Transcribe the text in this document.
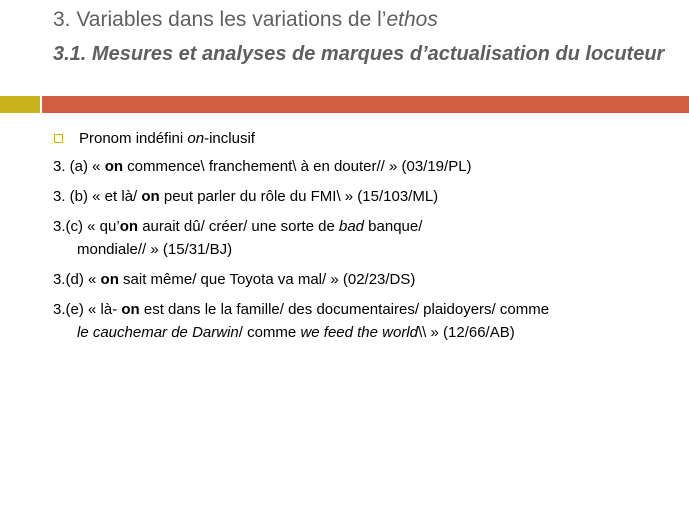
3. Variables dans les variations de l’ethos
3.1. Mesures et analyses de marques d’actualisation du locuteur
Pronom indéfini on-inclusif
3. (a) « on commence\ franchement\ à en douter// » (03/19/PL)
3. (b) « et là/ on peut parler du rôle du FMI\ » (15/103/ML)
3.(c) « qu’on aurait dû/ créer/ une sorte de bad banque/
mondiale// » (15/31/BJ)
3.(d) « on sait même/ que Toyota va mal/ » (02/23/DS)
3.(e) « là- on est dans le la famille/ des documentaires/ plaidoyers/ comme
le cauchemar de Darwin/ comme we feed the world\\ » (12/66/AB)
